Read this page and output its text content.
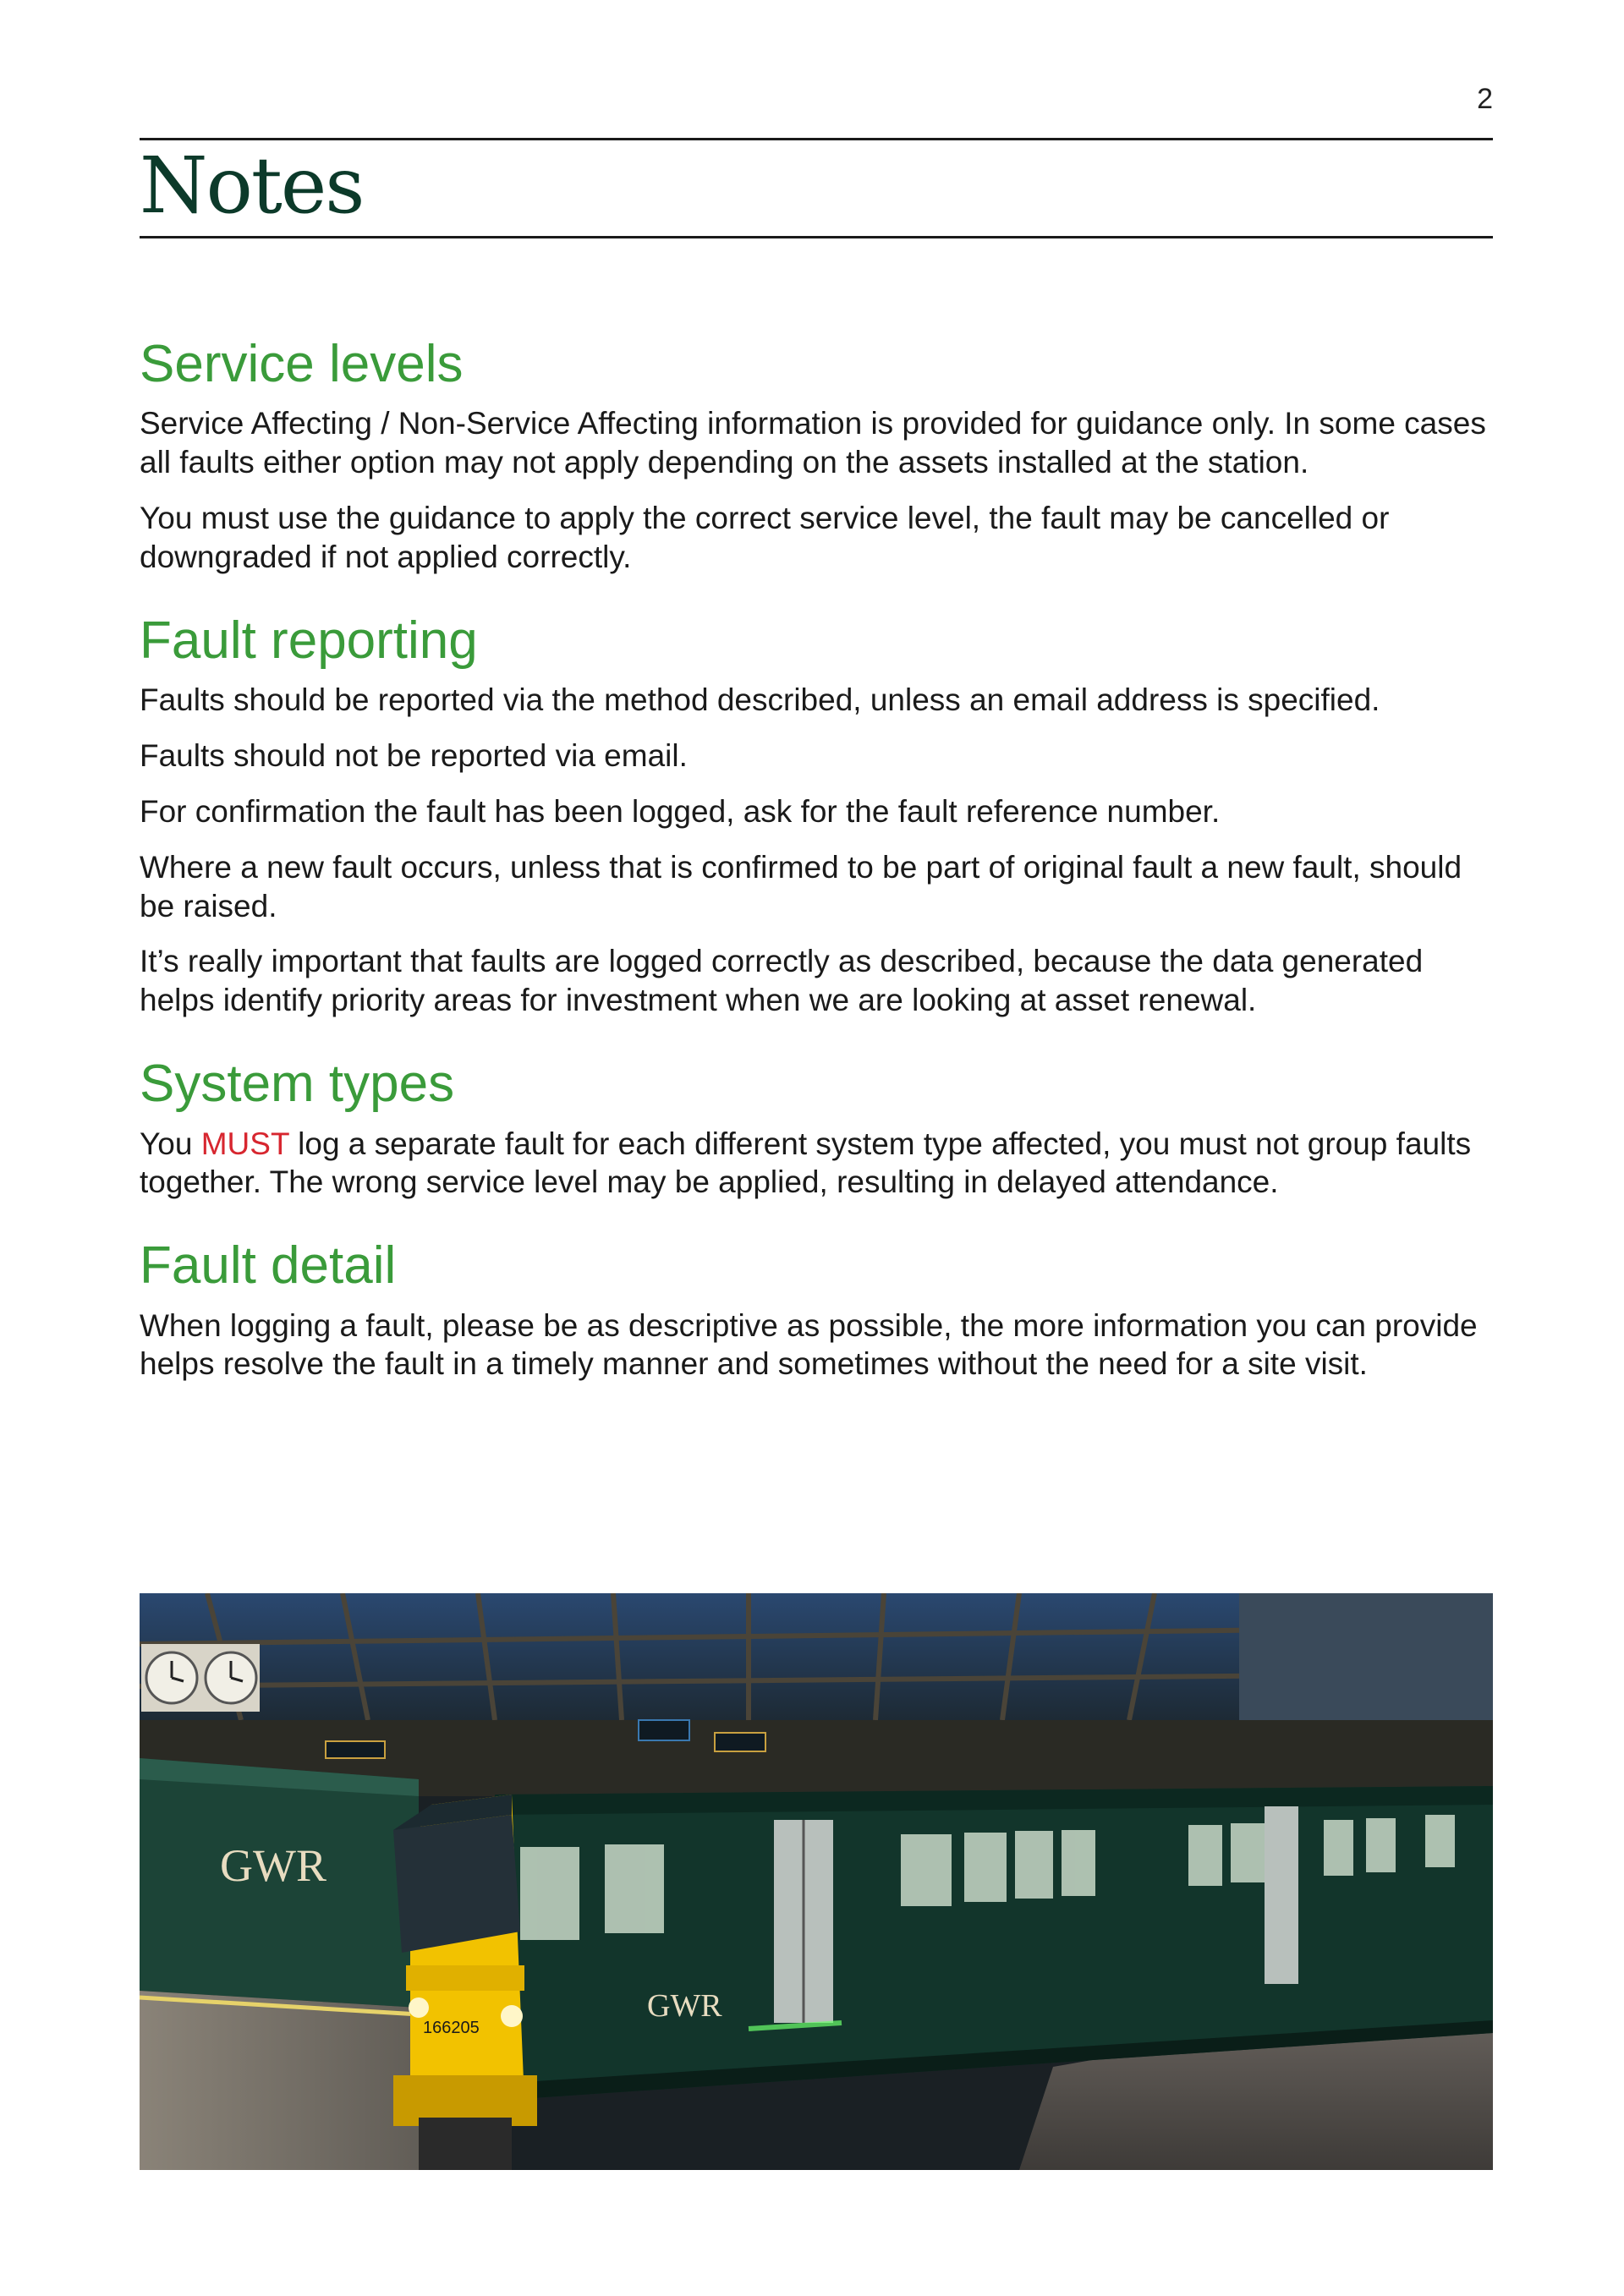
2
Notes
Service levels

Service Affecting / Non-Service Affecting information is provided for guidance only. In some cases all faults either option may not apply depending on the assets installed at the station.

You must use the guidance to apply the correct service level, the fault may be cancelled or downgraded if not applied correctly.

Fault reporting

Faults should be reported via the method described, unless an email address is specified.

Faults should not be reported via email.

For confirmation the fault has been logged, ask for the fault reference number.

Where a new fault occurs, unless that is confirmed to be part of original fault a new fault, should be raised.

It’s really important that faults are logged correctly as described, because the data generated helps identify priority areas for investment when we are looking at asset renewal.

System types

You MUST log a separate fault for each different system type affected, you must not group faults together. The wrong service level may be applied, resulting in delayed attendance.

Fault detail

When logging a fault, please be as descriptive as possible, the more information you can provide helps resolve the fault in a timely manner and sometimes without the need for a site visit.

GWR
GWR
166205
